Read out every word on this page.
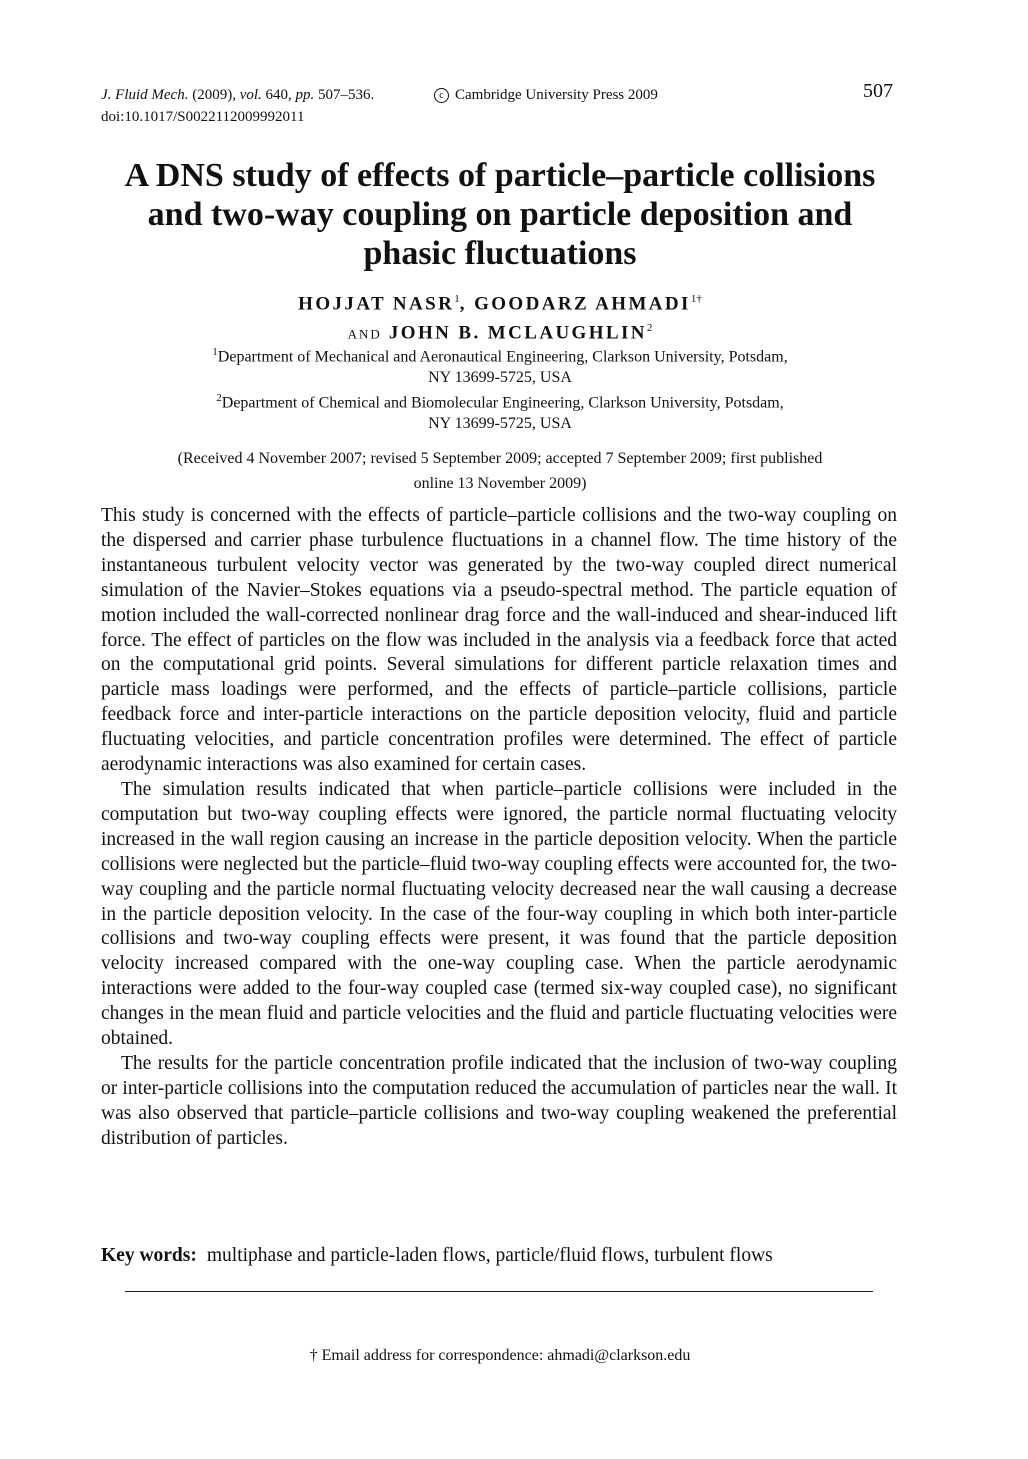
J. Fluid Mech. (2009), vol. 640, pp. 507–536.	c Cambridge University Press 2009
doi:10.1017/S0022112009992011
507
A DNS study of effects of particle–particle collisions and two-way coupling on particle deposition and phasic fluctuations
HOJJAT NASR$^1$, GOODARZ $AHMADI^{1\dagger}$
AND JOHN B. MCLAUGHLIN$^2$
$^1$Department of Mechanical and Aeronautical Engineering, Clarkson University, Potsdam,
NY 13699-5725, USA
$^2$Department of Chemical and Biomolecular Engineering, Clarkson University, Potsdam,
NY 13699-5725, USA
(Received 4 November 2007; revised 5 September 2009; accepted 7 September 2009; first published
online 13 November 2009)

This study is concerned with the effects of particle–particle collisions and the two-way coupling on the dispersed and carrier phase turbulence fluctuations in a channel flow. The time history of the instantaneous turbulent velocity vector was generated by the two-way coupled direct numerical simulation of the Navier–Stokes equations via a pseudo-spectral method. The particle equation of motion included the wall-corrected nonlinear drag force and the wall-induced and shear-induced lift force. The effect of particles on the flow was included in the analysis via a feedback force that acted on the computational grid points. Several simulations for different particle relaxation times and particle mass loadings were performed, and the effects of particle–particle collisions, particle feedback force and inter-particle interactions on the particle deposition velocity, fluid and particle fluctuating velocities, and particle concentration profiles were determined. The effect of particle aerodynamic interactions was also examined for certain cases.

The simulation results indicated that when particle–particle collisions were included in the computation but two-way coupling effects were ignored, the particle normal fluctuating velocity increased in the wall region causing an increase in the particle deposition velocity. When the particle collisions were neglected but the particle–fluid two-way coupling effects were accounted for, the two-way coupling and the particle normal fluctuating velocity decreased near the wall causing a decrease in the particle deposition velocity. In the case of the four-way coupling in which both inter-particle collisions and two-way coupling effects were present, it was found that the particle deposition velocity increased compared with the one-way coupling case. When the particle aerodynamic interactions were added to the four-way coupled case (termed six-way coupled case), no significant changes in the mean fluid and particle velocities and the fluid and particle fluctuating velocities were obtained.

The results for the particle concentration profile indicated that the inclusion of two-way coupling or inter-particle collisions into the computation reduced the accumulation of particles near the wall. It was also observed that particle–particle collisions and two-way coupling weakened the preferential distribution of particles.

Key words: multiphase and particle-laden flows, particle/fluid flows, turbulent flows
† Email address for correspondence: ahmadi@clarkson.edu
